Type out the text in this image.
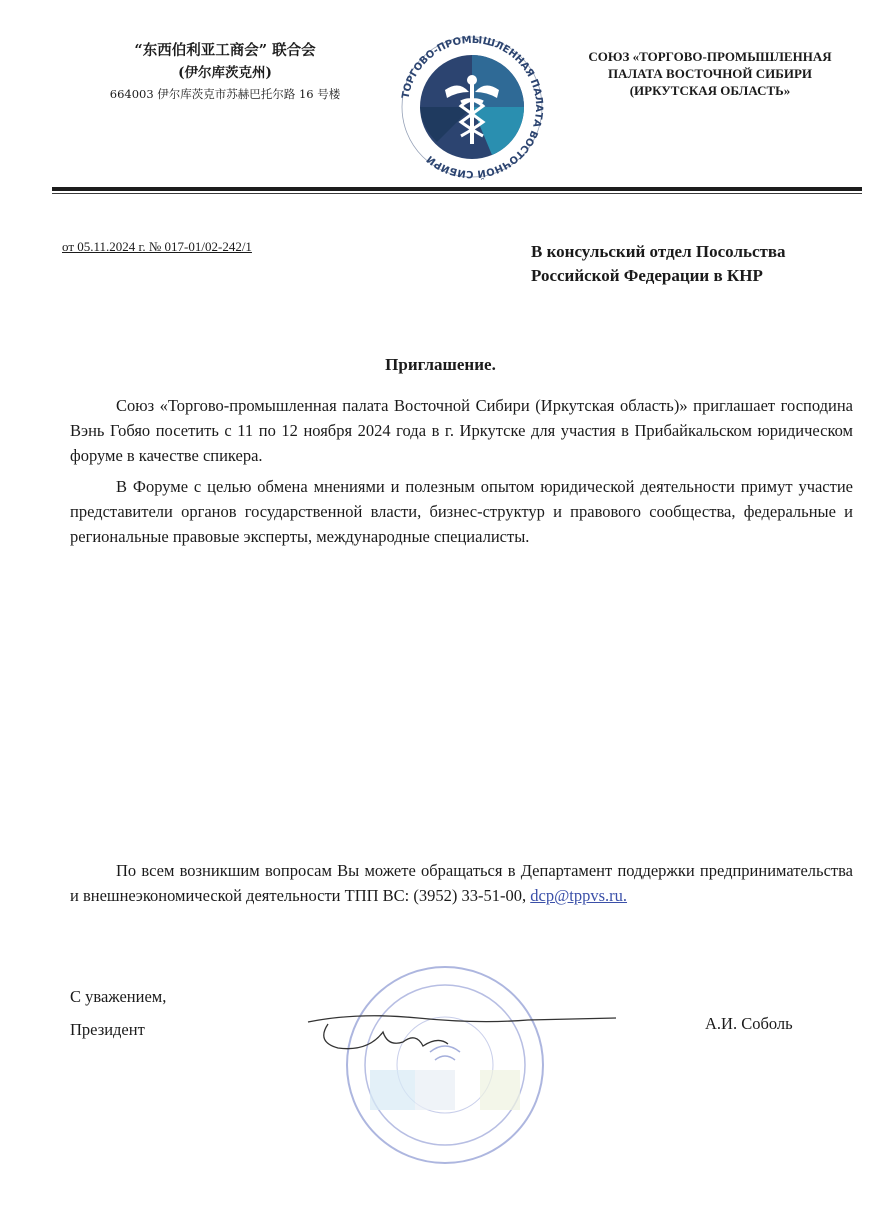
“东西伯利亚工商会” 联合会
(伊尔库茨克州)
664003 伊尔库茨克市苏赫巴托尔路 16 号楼	ТОРГОВО-ПРОМЫШЛЕННАЯ ПАЛАТА ВОСТОЧНОЙ СИБИРИ
СОЮЗ «ТОРГОВО-ПРОМЫШЛЕННАЯ
ПАЛАТА ВОСТОЧНОЙ СИБИРИ
(ИРКУТСКАЯ ОБЛАСТЬ»
от 05.11.2024 г. № 017-01/02-242/1	В консульский отдел Посольства
Российской Федерации в КНР
Приглашение.
Союз «Торгово-промышленная палата Восточной Сибири (Иркутская область)» приглашает господина Вэнь Гобяо посетить с 11 по 12 ноября 2024 года в г. Иркутске для участия в Прибайкальском юридическом форуме в качестве спикера.
В Форуме с целью обмена мнениями и полезным опытом юридической деятельности примут участие представители органов государственной власти, бизнес-структур и правового сообщества, федеральные и региональные правовые эксперты, международные специалисты.
По всем возникшим вопросам Вы можете обращаться в Департамент поддержки предпринимательства и внешнеэкономической деятельности ТПП ВС: (3952) 33-51-00, dcp@tppvs.ru.
С уважением,
Президент	А.И. Соболь
